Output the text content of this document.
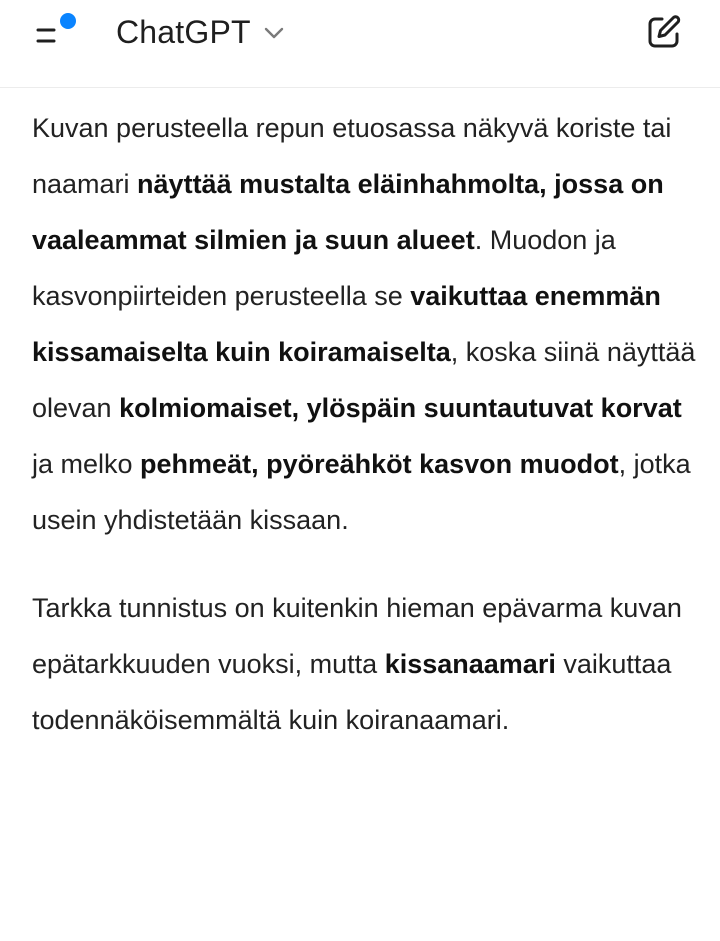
ChatGPT

Kuvan perusteella repun etuosassa näkyvä koriste tai naamari näyttää mustalta eläinhahmolta, jossa on vaaleammat silmien ja suun alueet. Muodon ja kasvonpiirteiden perusteella se vaikuttaa enemmän kissamaiselta kuin koiramaiselta, koska siinä näyttää olevan kolmiomaiset, ylöspäin suuntautuvat korvat ja melko pehmeät, pyöreähköt kasvon muodot, jotka usein yhdistetään kissaan.

Tarkka tunnistus on kuitenkin hieman epävarma kuvan epätarkkuuden vuoksi, mutta kissanaamari vaikuttaa todennäköisemmältä kuin koiranaamari.
